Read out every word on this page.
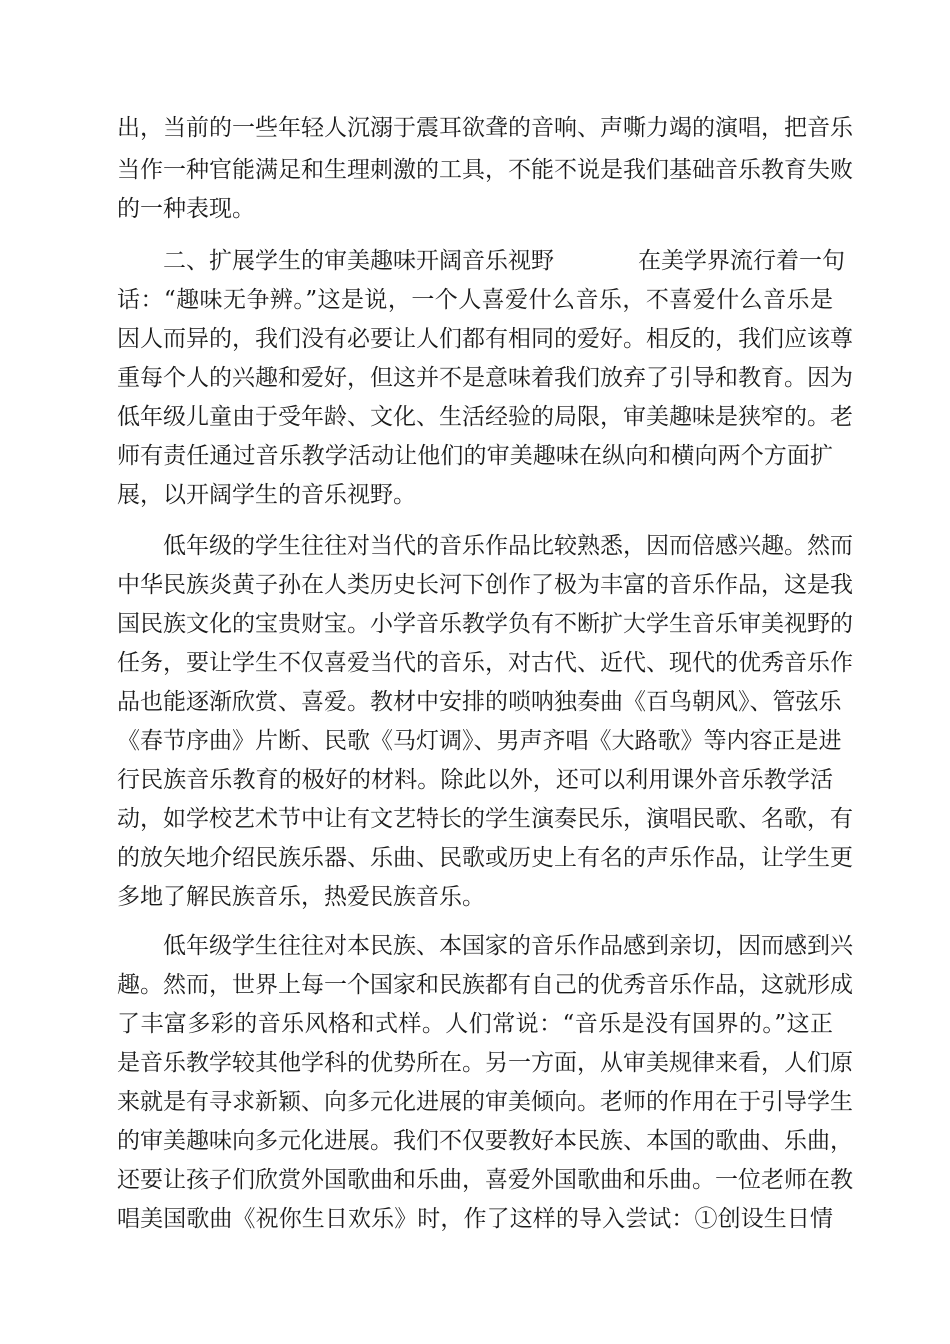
出，当前的一些年轻人沉溺于震耳欲聋的音响、声嘶力竭的演唱，把音乐
当作一种官能满足和生理刺激的工具，不能不说是我们基础音乐教育失败
的一种表现。
二、扩展学生的审美趣味开阔音乐视野	在美学界流行着一句
话：“趣味无争辨。”这是说，一个人喜爱什么音乐，不喜爱什么音乐是
因人而异的，我们没有必要让人们都有相同的爱好。相反的，我们应该尊
重每个人的兴趣和爱好，但这并不是意味着我们放弃了引导和教育。因为
低年级儿童由于受年龄、文化、生活经验的局限，审美趣味是狭窄的。老
师有责任通过音乐教学活动让他们的审美趣味在纵向和横向两个方面扩
展，以开阔学生的音乐视野。
低年级的学生往往对当代的音乐作品比较熟悉，因而倍感兴趣。然而
中华民族炎黄子孙在人类历史长河下创作了极为丰富的音乐作品，这是我
国民族文化的宝贵财宝。小学音乐教学负有不断扩大学生音乐审美视野的
任务，要让学生不仅喜爱当代的音乐，对古代、近代、现代的优秀音乐作
品也能逐渐欣赏、喜爱。教材中安排的唢呐独奏曲《百鸟朝风》、管弦乐
《春节序曲》片断、民歌《马灯调》、男声齐唱《大路歌》等内容正是进
行民族音乐教育的极好的材料。除此以外，还可以利用课外音乐教学活
动，如学校艺术节中让有文艺特长的学生演奏民乐，演唱民歌、名歌，有
的放矢地介绍民族乐器、乐曲、民歌或历史上有名的声乐作品，让学生更
多地了解民族音乐，热爱民族音乐。
低年级学生往往对本民族、本国家的音乐作品感到亲切，因而感到兴
趣。然而，世界上每一个国家和民族都有自己的优秀音乐作品，这就形成
了丰富多彩的音乐风格和式样。人们常说：“音乐是没有国界的。”这正
是音乐教学较其他学科的优势所在。另一方面，从审美规律来看，人们原
来就是有寻求新颖、向多元化进展的审美倾向。老师的作用在于引导学生
的审美趣味向多元化进展。我们不仅要教好本民族、本国的歌曲、乐曲，
还要让孩子们欣赏外国歌曲和乐曲，喜爱外国歌曲和乐曲。一位老师在教
唱美国歌曲《祝你生日欢乐》时，作了这样的导入尝试：①创设生日情
